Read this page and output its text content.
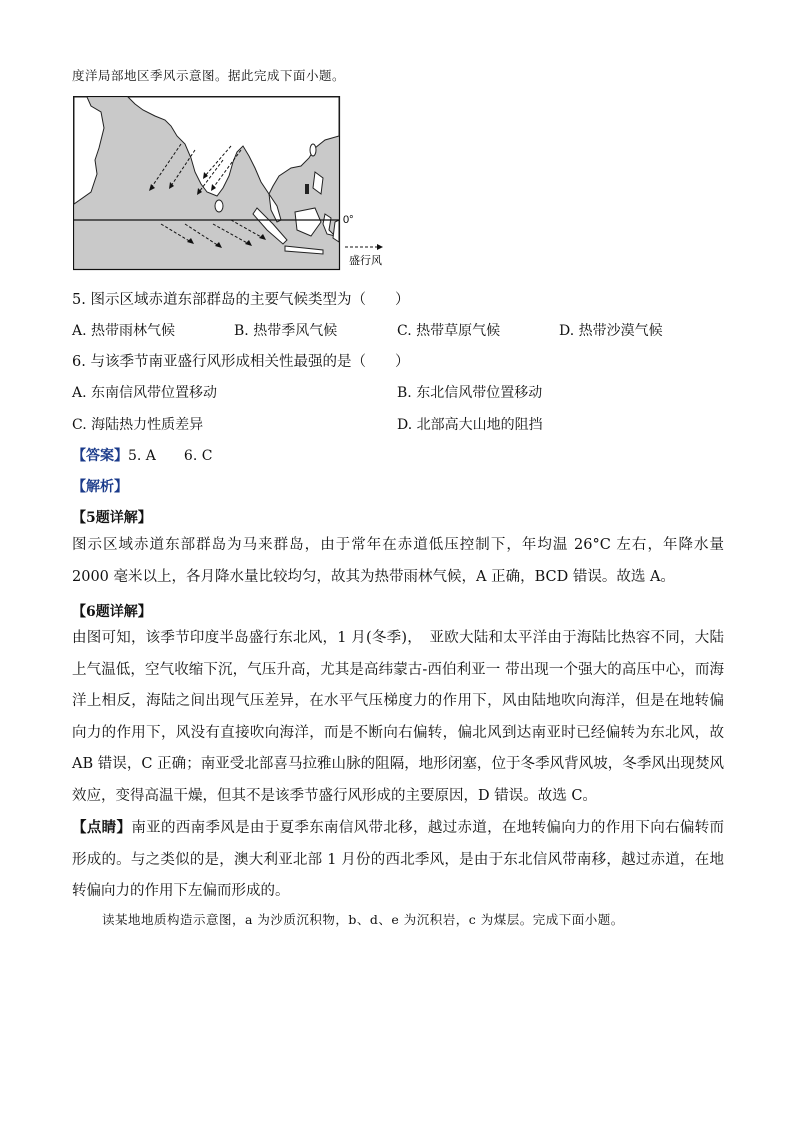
度洋局部地区季风示意图。据此完成下面小题。
0°
盛行风
5. 图示区域赤道东部群岛的主要气候类型为（　　）
A. 热带雨林气候	B. 热带季风气候	C. 热带草原气候	D. 热带沙漠气候
6. 与该季节南亚盛行风形成相关性最强的是（　　）
A. 东南信风带位置移动	B. 东北信风带位置移动
C. 海陆热力性质差异	D. 北部高大山地的阻挡
【答案】5. A　　6. C
【解析】
【5题详解】
图示区域赤道东部群岛为马来群岛，由于常年在赤道低压控制下，年均温 26°C 左右，年降水量 2000 毫米以上，各月降水量比较均匀，故其为热带雨林气候，A 正确，BCD 错误。故选 A。
【6题详解】
由图可知，该季节印度半岛盛行东北风，1 月(冬季)，　亚欧大陆和太平洋由于海陆比热容不同，大陆上气温低，空气收缩下沉，气压升高，尤其是高纬蒙古-西伯利亚一 带出现一个强大的高压中心，而海洋上相反，海陆之间出现气压差异，在水平气压梯度力的作用下，风由陆地吹向海洋，但是在地转偏向力的作用下，风没有直接吹向海洋，而是不断向右偏转，偏北风到达南亚时已经偏转为东北风，故 AB 错误，C 正确；南亚受北部喜马拉雅山脉的阻隔，地形闭塞，位于冬季风背风坡，冬季风出现焚风效应，变得高温干燥，但其不是该季节盛行风形成的主要原因，D 错误。故选 C。
【点睛】南亚的西南季风是由于夏季东南信风带北移，越过赤道，在地转偏向力的作用下向右偏转而形成的。与之类似的是，澳大利亚北部 1 月份的西北季风，是由于东北信风带南移，越过赤道，在地转偏向力的作用下左偏而形成的。
读某地地质构造示意图，a 为沙质沉积物，b、d、e 为沉积岩，c 为煤层。完成下面小题。
